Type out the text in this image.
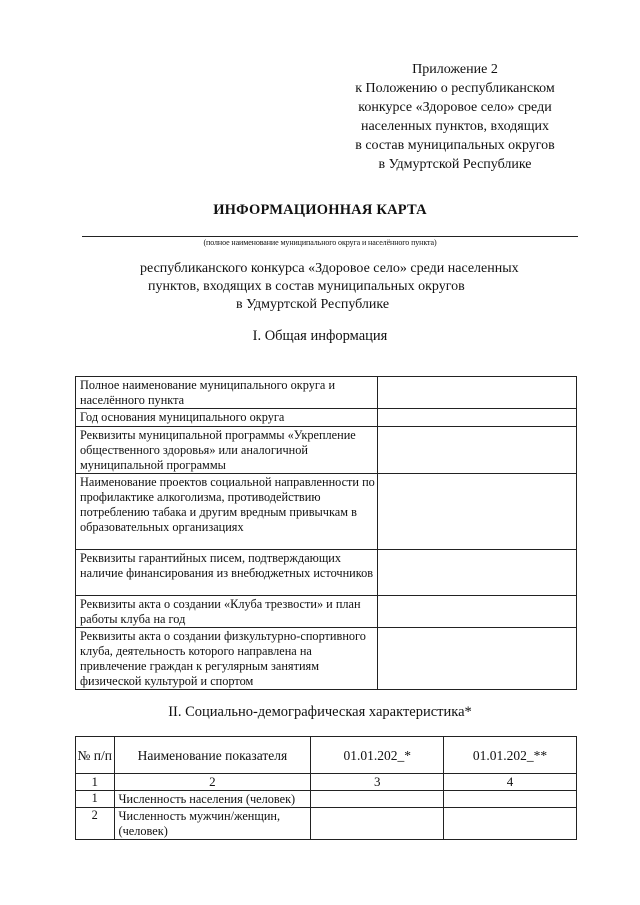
Приложение 2
к Положению о республиканском
конкурсе «Здоровое село» среди
населенных пунктов, входящих
в состав муниципальных округов
в Удмуртской Республике
ИНФОРМАЦИОННАЯ КАРТА
(полное наименование муниципального округа и населённого пункта)
республиканского конкурса «Здоровое село» среди населенных
пунктов, входящих в состав муниципальных округов
в Удмуртской Республике
I. Общая информация
Полное наименование муниципального округа и населённого пункта	
Год основания муниципального округа	
Реквизиты муниципальной программы «Укрепление общественного здоровья» или аналогичной муниципальной программы	
Наименование проектов социальной направленности по профилактике алкоголизма, противодействию потреблению табака и другим вредным привычкам в образовательных организациях	
Реквизиты гарантийных писем, подтверждающих наличие финансирования из внебюджетных источников	
Реквизиты акта о создании «Клуба трезвости» и план работы клуба на год	
Реквизиты акта о создании физкультурно-спортивного клуба, деятельность которого направлена на привлечение граждан к регулярным занятиям физической культурой и спортом	
II. Социально-демографическая характеристика*
№ п/п	Наименование показателя	01.01.202_*	01.01.202_**
1	2	3	4
1	Численность населения (человек)		
2	Численность мужчин/женщин, (человек)		
